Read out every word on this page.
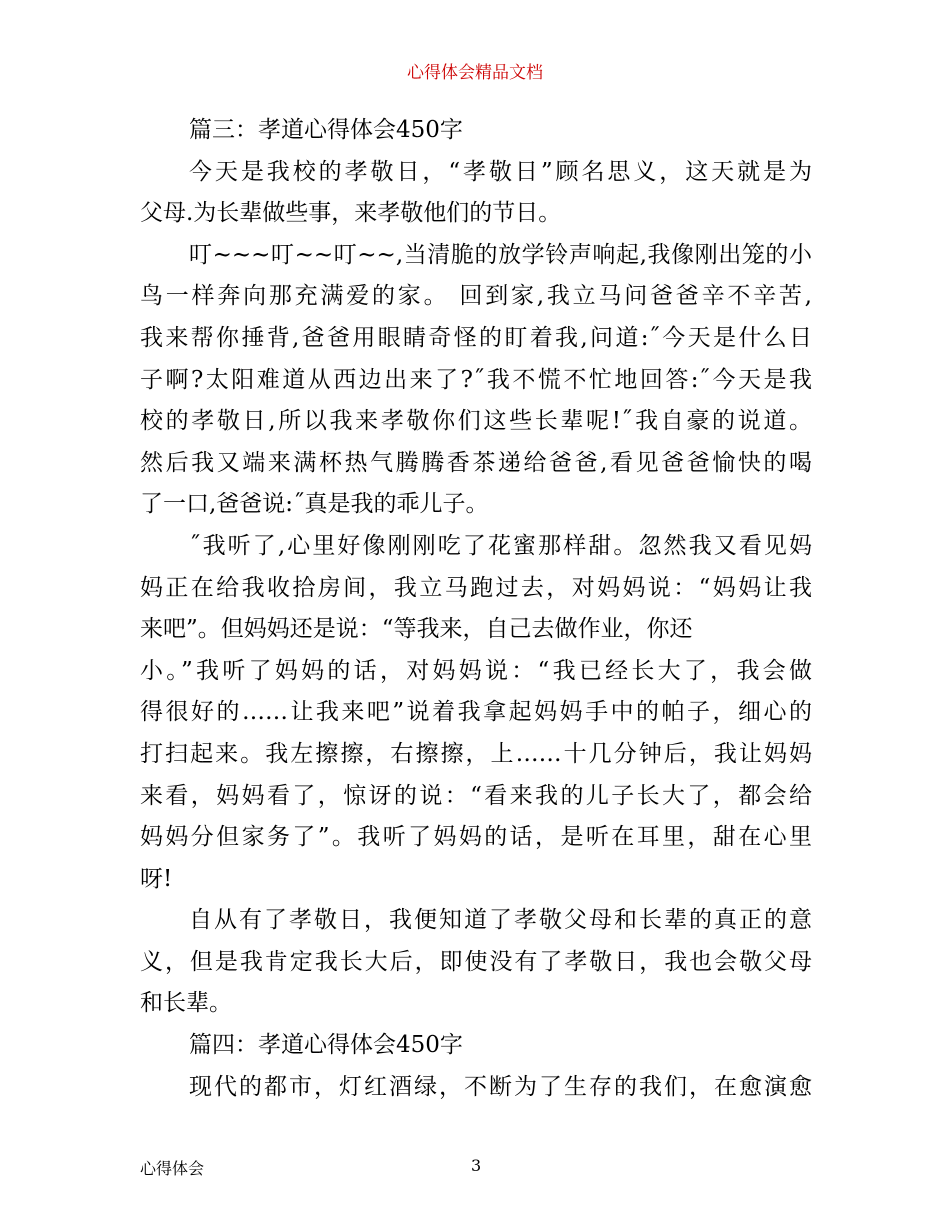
心得体会精品文档
篇三：孝道心得体会450字
今天是我校的孝敬日，“孝敬日”顾名思义，这天就是为
父母.为长辈做些事，来孝敬他们的节日。
叮~~~叮~~叮~~,当清脆的放学铃声响起,我像刚出笼的小
鸟一样奔向那充满爱的家。 回到家,我立马问爸爸辛不辛苦,
我来帮你捶背,爸爸用眼睛奇怪的盯着我,问道:˝今天是什么日
子啊?太阳难道从西边出来了?˝我不慌不忙地回答:˝今天是我
校的孝敬日,所以我来孝敬你们这些长辈呢!˝我自豪的说道。
然后我又端来满杯热气腾腾香茶递给爸爸,看见爸爸愉快的喝
了一口,爸爸说:˝真是我的乖儿子。
˝我听了,心里好像刚刚吃了花蜜那样甜。忽然我又看见妈
妈正在给我收拾房间，我立马跑过去，对妈妈说：“妈妈让我
来吧”。但妈妈还是说：“等我来，自己去做作业，你还
小。”我听了妈妈的话，对妈妈说：“我已经长大了，我会做
得很好的……让我来吧”说着我拿起妈妈手中的帕子，细心的
打扫起来。我左擦擦，右擦擦，上……十几分钟后，我让妈妈
来看，妈妈看了，惊讶的说：“看来我的儿子长大了，都会给
妈妈分但家务了”。我听了妈妈的话，是听在耳里，甜在心里
呀!
自从有了孝敬日，我便知道了孝敬父母和长辈的真正的意
义，但是我肯定我长大后，即使没有了孝敬日，我也会敬父母
和长辈。
篇四：孝道心得体会450字
现代的都市，灯红酒绿，不断为了生存的我们，在愈演愈
心得体会	3
